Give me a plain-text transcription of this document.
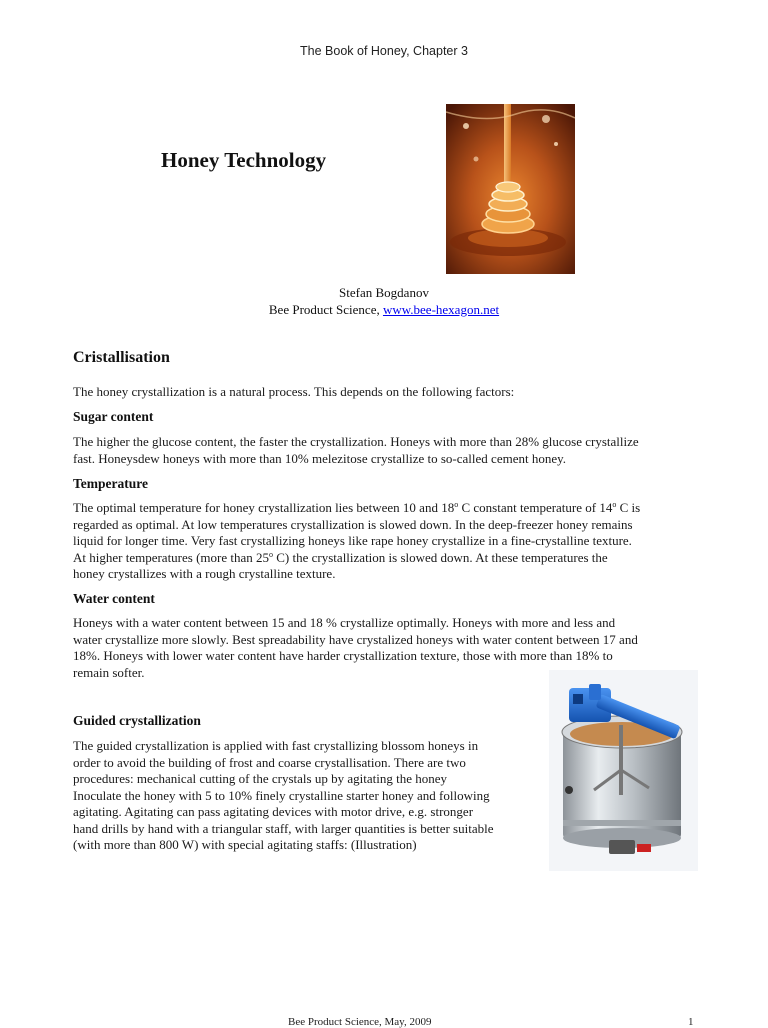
The Book of Honey, Chapter 3
Honey Technology
Stefan Bogdanov
Bee Product Science, www.bee-hexagon.net
Cristallisation
The honey crystallization is a natural process. This depends on the following factors:
Sugar content
The higher the glucose content, the faster the crystallization. Honeys with more than 28% glucose crystallize
fast. Honeysdew honeys with more than 10% melezitose crystallize to so-called cement honey.
Temperature
The optimal temperature for honey crystallization lies between 10 and 18$^o$ C constant temperature of 14$^o$ C is
regarded as optimal. At low temperatures crystallization is slowed down. In the deep-freezer honey remains
liquid for longer time. Very fast crystallizing honeys like rape honey crystallize in a fine-crystalline texture.
At higher temperatures (more than 25$^o$ C) the crystallization is slowed down. At these temperatures the
honey crystallizes with a rough crystalline texture.
Water content
Honeys with a water content between 15 and 18 % crystallize optimally. Honeys with more and less and
water crystallize more slowly. Best spreadability have crystalized honeys with water content between 17 and
18%. Honeys with lower water content have harder crystallization texture, those with more than 18% to
remain softer.
Guided crystallization
The guided crystallization is applied with fast crystallizing blossom honeys in
order to avoid the building of frost and coarse crystallisation. There are two
procedures: mechanical cutting of the crystals up by agitating the honey
Inoculate the honey with 5 to 10% finely crystalline starter honey and following
agitating. Agitating can pass agitating devices with motor drive, e.g. stronger
hand drills by hand with a triangular staff, with larger quantities is better suitable
(with more than 800 W) with special agitating staffs: (Illustration)
Bee Product Science, May, 2009	1
